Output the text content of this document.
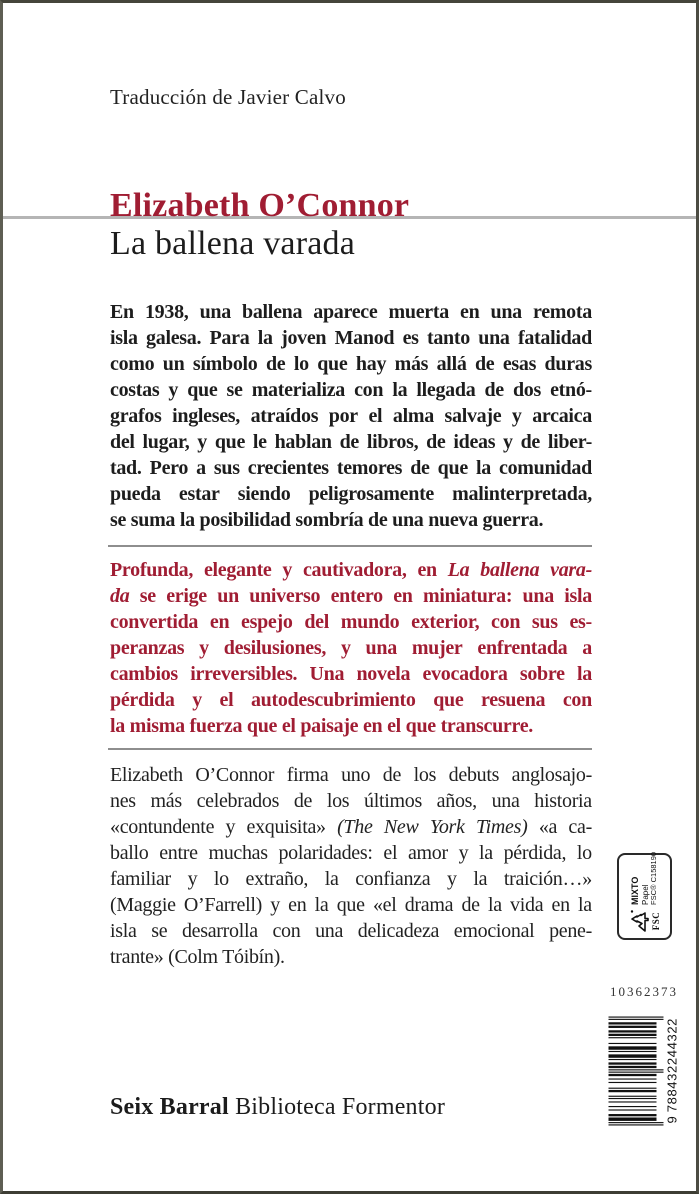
Traducción de Javier Calvo
Elizabeth O’Connor
La ballena varada
En 1938, una ballena aparece muerta en una remota
isla galesa. Para la joven Manod es tanto una fatalidad
como un símbolo de lo que hay más allá de esas duras
costas y que se materializa con la llegada de dos etnó-
grafos ingleses, atraídos por el alma salvaje y arcaica
del lugar, y que le hablan de libros, de ideas y de liber-
tad. Pero a sus crecientes temores de que la comunidad
pueda estar siendo peligrosamente malinterpretada,
se suma la posibilidad sombría de una nueva guerra.
Profunda, elegante y cautivadora, en La ballena vara-
da se erige un universo entero en miniatura: una isla
convertida en espejo del mundo exterior, con sus es-
peranzas y desilusiones, y una mujer enfrentada a
cambios irreversibles. Una novela evocadora sobre la
pérdida y el autodescubrimiento que resuena con
la misma fuerza que el paisaje en el que transcurre.
Elizabeth O’Connor firma uno de los debuts anglosajo-
nes más celebrados de los últimos años, una historia
«contundente y exquisita» (The New York Times) «a ca-
ballo entre muchas polaridades: el amor y la pérdida, lo
familiar y lo extraño, la confianza y la traición…»
(Maggie O’Farrell) y en la que «el drama de la vida en la
isla se desarrolla con una delicadeza emocional pene-
trante» (Colm Tóibín).
FSC
MIXTO Papel FSC® C158190
10362373
9
7
8
8
4
3
2
2
4
4
3
2
2
Seix Barral Biblioteca Formentor
